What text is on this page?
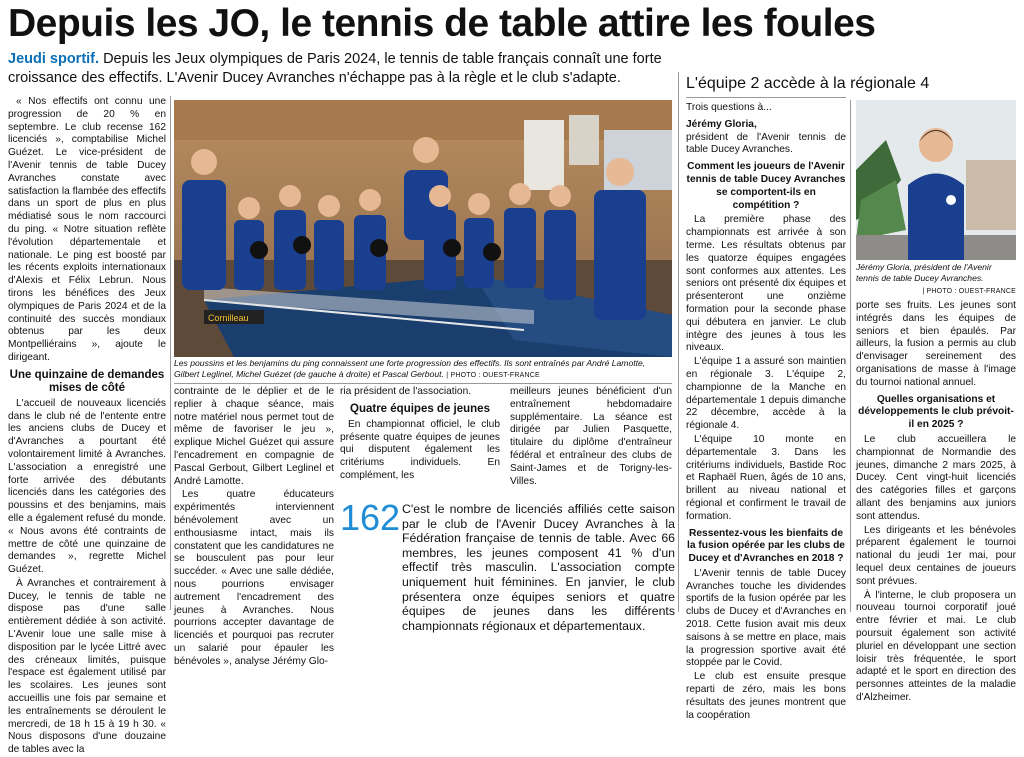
Depuis les JO, le tennis de table attire les foules
Jeudi sportif. Depuis les Jeux olympiques de Paris 2024, le tennis de table français connaît une forte croissance des effectifs. L'Avenir Ducey Avranches n'échappe pas à la règle et le club s'adapte.

« Nos effectifs ont connu une progression de 20 % en septembre. Le club recense 162 licenciés », comptabilise Michel Guézet. Le vice-président de l'Avenir tennis de table Ducey Avranches constate avec satisfaction la flambée des effectifs dans un sport de plus en plus médiatisé sous le nom raccourci du ping. « Notre situation reflète l'évolution départementale et nationale. Le ping est boosté par les récents exploits internationaux d'Alexis et Félix Lebrun. Nous tirons les bénéfices des Jeux olympiques de Paris 2024 et de la continuité des succès mondiaux obtenus par les deux Montpelliérains », ajoute le dirigeant.

Une quinzaine de demandes mises de côté

L'accueil de nouveaux licenciés dans le club né de l'entente entre les anciens clubs de Ducey et d'Avranches a pourtant été volontairement limité à Avranches. L'association a enregistré une forte arrivée des débutants licenciés dans les catégories des poussins et des benjamins, mais elle a également refusé du monde. « Nous avons été contraints de mettre de côté une quinzaine de demandes », regrette Michel Guézet.

À Avranches et contrairement à Ducey, le tennis de table ne dispose pas d'une salle entièrement dédiée à son activité. L'Avenir loue une salle mise à disposition par le lycée Littré avec des créneaux limités, puisque l'espace est également utilisé par les scolaires. Les jeunes sont accueillis une fois par semaine et les entraînements se déroulent le mercredi, de 18 h 15 à 19 h 30. « Nous disposons d'une douzaine de tables avec la

Cornilleau
Les poussins et les benjamins du ping connaissent une forte progression des effectifs. Ils sont entraînés par André Lamotte, Gilbert Leglinel, Michel Guézet (de gauche à droite) et Pascal Gerbout. | PHOTO : OUEST-FRANCE

contrainte de le déplier et de le replier à chaque séance, mais notre matériel nous permet tout de même de favoriser le jeu », explique Michel Guézet qui assure l'encadrement en compagnie de Pascal Gerbout, Gilbert Leglinel et André Lamotte.

Les quatre éducateurs expérimentés interviennent bénévolement avec un enthousiasme intact, mais ils constatent que les candidatures ne se bousculent pas pour leur succéder. « Avec une salle dédiée, nous pourrions envisager autrement l'encadrement des jeunes à Avranches. Nous pourrions accepter davantage de licenciés et pourquoi pas recruter un salarié pour épauler les bénévoles », analyse Jérémy Glo-

ria président de l'association.

Quatre équipes de jeunes

En championnat officiel, le club présente quatre équipes de jeunes qui disputent également les critériums individuels. En complément, les

meilleurs jeunes bénéficient d'un entraînement hebdomadaire supplémentaire. La séance est dirigée par Julien Pasquette, titulaire du diplôme d'entraîneur fédéral et entraîneur des clubs de Saint-James et de Torigny-les-Villes.

162 C'est le nombre de licenciés affiliés cette saison par le club de l'Avenir Ducey Avranches à la Fédération française de tennis de table. Avec 66 membres, les jeunes composent 41 % d'un effectif très masculin. L'association compte uniquement huit féminines. En janvier, le club présentera onze équipes seniors et quatre équipes de jeunes dans les différents championnats régionaux et départementaux.
L'équipe 2 accède à la régionale 4
Trois questions à...
Jérémy Gloria,
président de l'Avenir tennis de table Ducey Avranches.
Comment les joueurs de l'Avenir tennis de table Ducey Avranches se comportent-ils en compétition ?

La première phase des championnats est arrivée à son terme. Les résultats obtenus par les quatorze équipes engagées sont conformes aux attentes. Les seniors ont présenté dix équipes et présenteront une onzième formation pour la seconde phase qui débutera en janvier. Le club intègre des jeunes à tous les niveaux.

L'équipe 1 a assuré son maintien en régionale 3. L'équipe 2, championne de la Manche en départementale 1 depuis dimanche 22 décembre, accède à la régionale 4.

L'équipe 10 monte en départementale 3. Dans les critériums individuels, Bastide Roc et Raphaël Ruen, âgés de 10 ans, brillent au niveau national et régional et confirment le travail de formation.

Ressentez-vous les bienfaits de la fusion opérée par les clubs de Ducey et d'Avranches en 2018 ?

L'Avenir tennis de table Ducey Avranches touche les dividendes sportifs de la fusion opérée par les clubs de Ducey et d'Avranches en 2018. Cette fusion avait mis deux saisons à se mettre en place, mais la progression sportive avait été stoppée par le Covid.

Le club est ensuite presque reparti de zéro, mais les bons résultats des jeunes montrent que la coopération

Jérémy Gloria, président de l'Avenir tennis de table Ducey Avranches.
| PHOTO : OUEST-FRANCE

porte ses fruits. Les jeunes sont intégrés dans les équipes de seniors et bien épaulés. Par ailleurs, la fusion a permis au club d'envisager sereinement des organisations de masse à l'image du tournoi national annuel.

Quelles organisations et développements le club prévoit-il en 2025 ?

Le club accueillera le championnat de Normandie des jeunes, dimanche 2 mars 2025, à Ducey. Cent vingt-huit licenciés des catégories filles et garçons allant des benjamins aux juniors sont attendus.

Les dirigeants et les bénévoles préparent également le tournoi national du jeudi 1er mai, pour lequel deux centaines de joueurs sont prévues.

À l'interne, le club proposera un nouveau tournoi corporatif joué entre février et mai. Le club poursuit également son activité pluriel en développant une section loisir très fréquentée, le sport adapté et le sport en direction des personnes atteintes de la maladie d'Alzheimer.
